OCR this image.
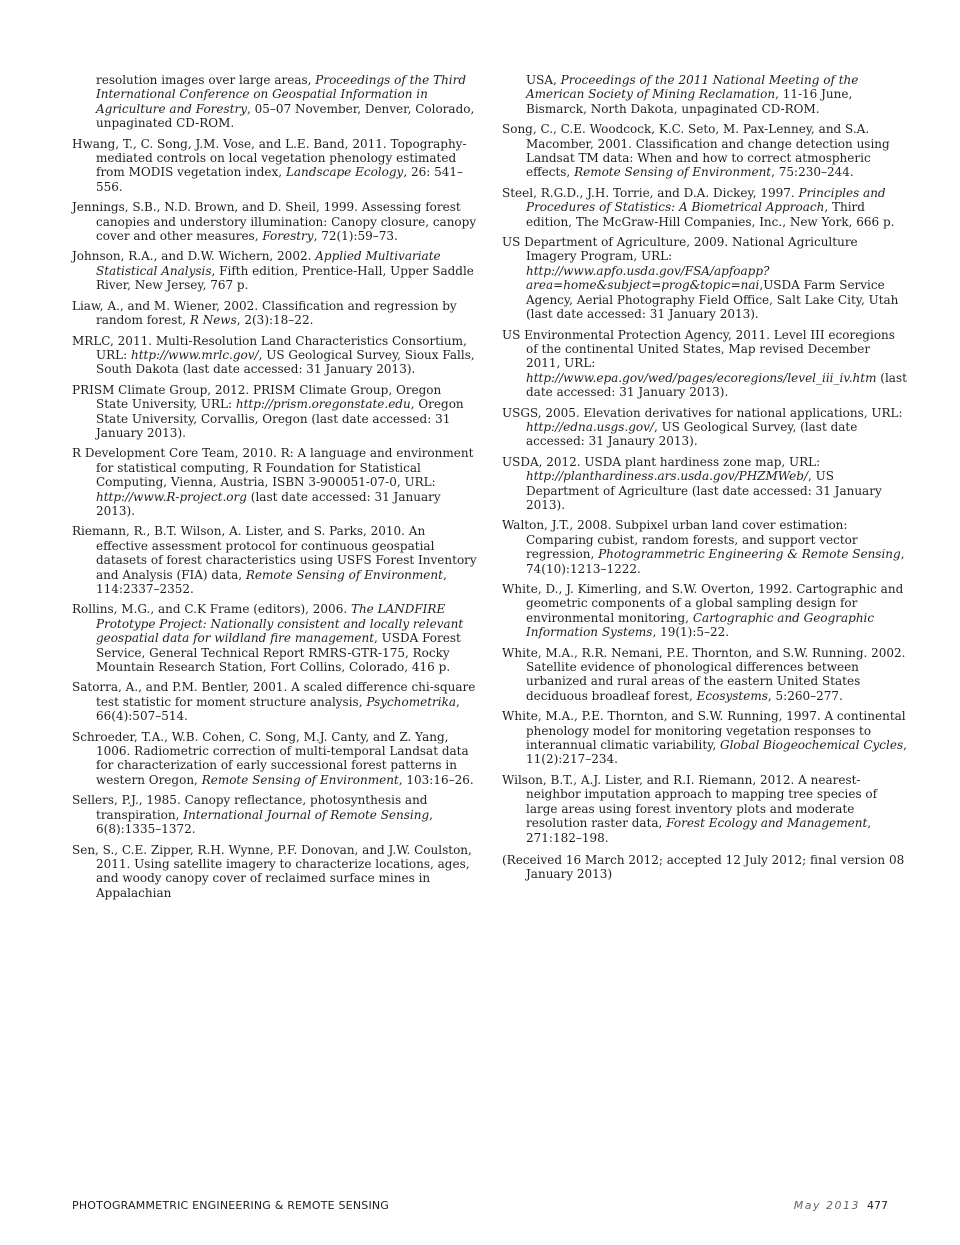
resolution images over large areas, Proceedings of the Third International Conference on Geospatial Information in Agriculture and Forestry, 05–07 November, Denver, Colorado, unpaginated CD-ROM.

Hwang, T., C. Song, J.M. Vose, and L.E. Band, 2011. Topography-mediated controls on local vegetation phenology estimated from MODIS vegetation index, Landscape Ecology, 26: 541–556.

Jennings, S.B., N.D. Brown, and D. Sheil, 1999. Assessing forest canopies and understory illumination: Canopy closure, canopy cover and other measures, Forestry, 72(1):59–73.

Johnson, R.A., and D.W. Wichern, 2002. Applied Multivariate Statistical Analysis, Fifth edition, Prentice-Hall, Upper Saddle River, New Jersey, 767 p.

Liaw, A., and M. Wiener, 2002. Classification and regression by random forest, R News, 2(3):18–22.

MRLC, 2011. Multi-Resolution Land Characteristics Consortium, URL: http://www.mrlc.gov/, US Geological Survey, Sioux Falls, South Dakota (last date accessed: 31 January 2013).

PRISM Climate Group, 2012. PRISM Climate Group, Oregon State University, URL: http://prism.oregonstate.edu, Oregon State University, Corvallis, Oregon (last date accessed: 31 January 2013).

R Development Core Team, 2010. R: A language and environment for statistical computing, R Foundation for Statistical Computing, Vienna, Austria, ISBN 3-900051-07-0, URL: http://www.R-project.org (last date accessed: 31 January 2013).

Riemann, R., B.T. Wilson, A. Lister, and S. Parks, 2010. An effective assessment protocol for continuous geospatial datasets of forest characteristics using USFS Forest Inventory and Analysis (FIA) data, Remote Sensing of Environment, 114:2337–2352.

Rollins, M.G., and C.K Frame (editors), 2006. The LANDFIRE Prototype Project: Nationally consistent and locally relevant geospatial data for wildland fire management, USDA Forest Service, General Technical Report RMRS-GTR-175, Rocky Mountain Research Station, Fort Collins, Colorado, 416 p.

Satorra, A., and P.M. Bentler, 2001. A scaled difference chi-square test statistic for moment structure analysis, Psychometrika, 66(4):507–514.

Schroeder, T.A., W.B. Cohen, C. Song, M.J. Canty, and Z. Yang, 1006. Radiometric correction of multi-temporal Landsat data for characterization of early successional forest patterns in western Oregon, Remote Sensing of Environment, 103:16–26.

Sellers, P.J., 1985. Canopy reflectance, photosynthesis and transpiration, International Journal of Remote Sensing, 6(8):1335–1372.

Sen, S., C.E. Zipper, R.H. Wynne, P.F. Donovan, and J.W. Coulston, 2011. Using satellite imagery to characterize locations, ages, and woody canopy cover of reclaimed surface mines in Appalachian

USA, Proceedings of the 2011 National Meeting of the American Society of Mining Reclamation, 11-16 June, Bismarck, North Dakota, unpaginated CD-ROM.

Song, C., C.E. Woodcock, K.C. Seto, M. Pax-Lenney, and S.A. Macomber, 2001. Classification and change detection using Landsat TM data: When and how to correct atmospheric effects, Remote Sensing of Environment, 75:230–244.

Steel, R.G.D., J.H. Torrie, and D.A. Dickey, 1997. Principles and Procedures of Statistics: A Biometrical Approach, Third edition, The McGraw-Hill Companies, Inc., New York, 666 p.

US Department of Agriculture, 2009. National Agriculture Imagery Program, URL: http://www.apfo.usda.gov/FSA/apfoapp?area=home&subject=prog&topic=nai,USDA Farm Service Agency, Aerial Photography Field Office, Salt Lake City, Utah (last date accessed: 31 January 2013).

US Environmental Protection Agency, 2011. Level III ecoregions of the continental United States, Map revised December 2011, URL: http://www.epa.gov/wed/pages/ecoregions/level_iii_iv.htm (last date accessed: 31 January 2013).

USGS, 2005. Elevation derivatives for national applications, URL: http://edna.usgs.gov/, US Geological Survey, (last date accessed: 31 Janaury 2013).

USDA, 2012. USDA plant hardiness zone map, URL: http://planthardiness.ars.usda.gov/PHZMWeb/, US Department of Agriculture (last date accessed: 31 January 2013).

Walton, J.T., 2008. Subpixel urban land cover estimation: Comparing cubist, random forests, and support vector regression, Photogrammetric Engineering & Remote Sensing, 74(10):1213–1222.

White, D., J. Kimerling, and S.W. Overton, 1992. Cartographic and geometric components of a global sampling design for environmental monitoring, Cartographic and Geographic Information Systems, 19(1):5–22.

White, M.A., R.R. Nemani, P.E. Thornton, and S.W. Running. 2002. Satellite evidence of phonological differences between urbanized and rural areas of the eastern United States deciduous broadleaf forest, Ecosystems, 5:260–277.

White, M.A., P.E. Thornton, and S.W. Running, 1997. A continental phenology model for monitoring vegetation responses to interannual climatic variability, Global Biogeochemical Cycles, 11(2):217–234.

Wilson, B.T., A.J. Lister, and R.I. Riemann, 2012. A nearest-neighbor imputation approach to mapping tree species of large areas using forest inventory plots and moderate resolution raster data, Forest Ecology and Management, 271:182–198.

(Received 16 March 2012; accepted 12 July 2012; final version 08 January 2013)

PHOTOGRAMMETRIC ENGINEERING & REMOTE SENSING	May 2013 477
